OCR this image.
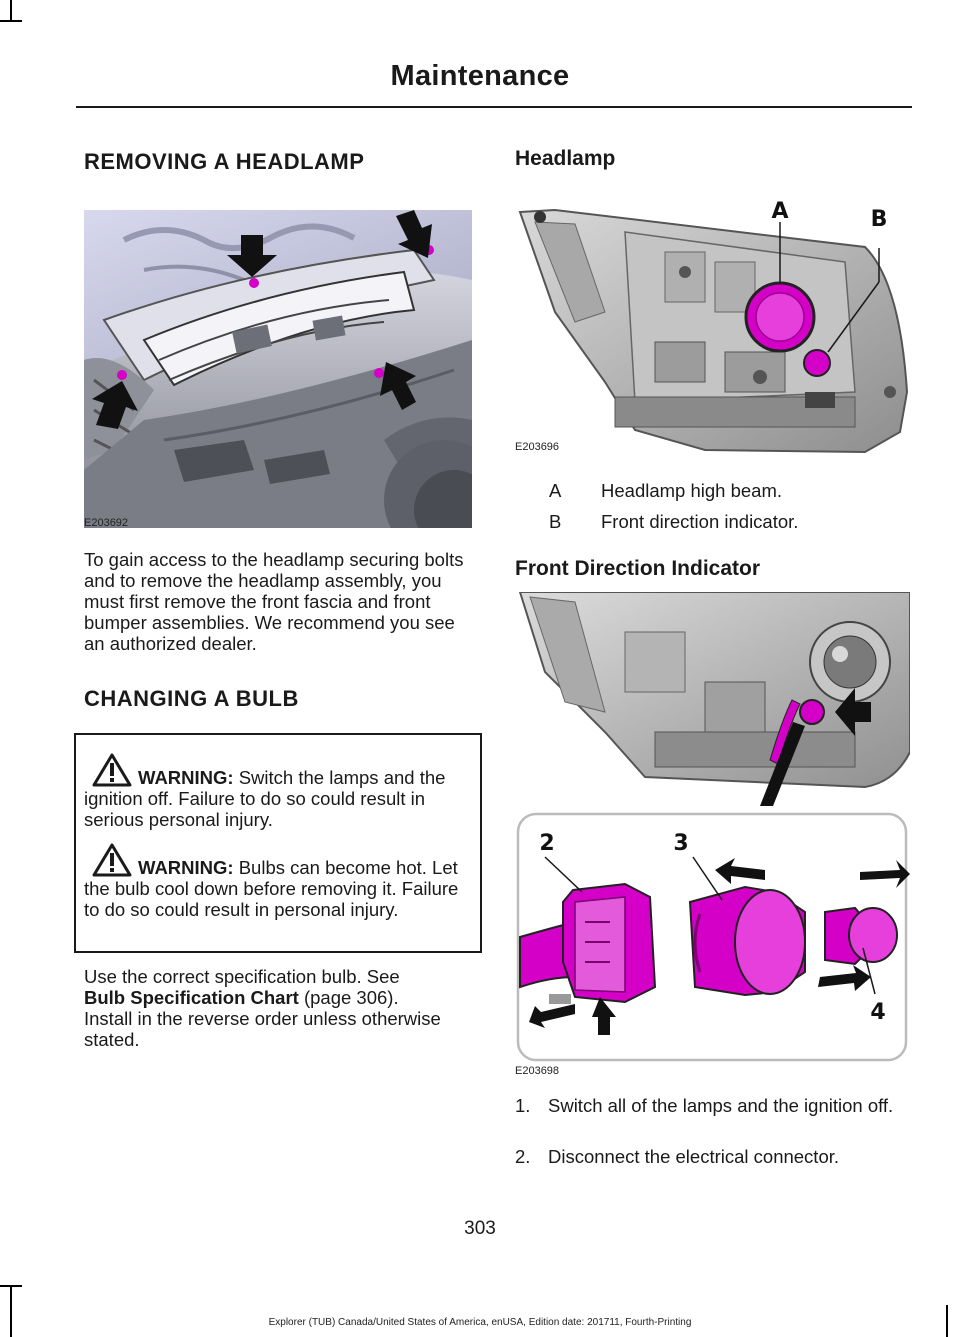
Maintenance
REMOVING A HEADLAMP
E203692
To gain access to the headlamp securing bolts and to remove the headlamp assembly, you must first remove the front fascia and front bumper assemblies. We recommend you see an authorized dealer.
CHANGING A BULB
WARNING: Switch the lamps and the ignition off. Failure to do so could result in serious personal injury.
WARNING: Bulbs can become hot. Let the bulb cool down before removing it. Failure to do so could result in personal injury.
Use the correct specification bulb. See
Bulb Specification Chart (page 306).
Install in the reverse order unless otherwise stated.
Headlamp
A	B
E203696
A Headlamp high beam.
B Front direction indicator.
Front Direction Indicator
2	3
4
E203698
1. Switch all of the lamps and the ignition off.
2. Disconnect the electrical connector.
303
Explorer (TUB) Canada/United States of America, enUSA, Edition date: 201711, Fourth-Printing
